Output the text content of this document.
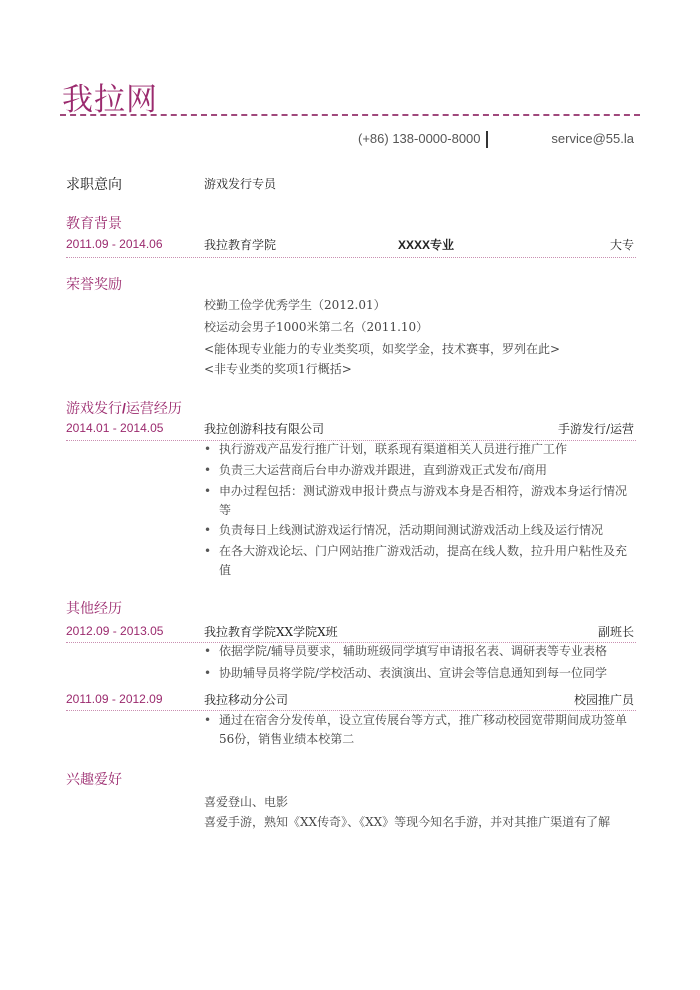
我拉网
(+86) 138-0000-8000	service@55.la
求职意向	游戏发行专员
教育背景
2011.09 - 2014.06	我拉教育学院	XXXX专业	大专
荣誉奖励
校勤工俭学优秀学生（2012.01）
校运动会男子1000米第二名（2011.10）
<能体现专业能力的专业类奖项，如奖学金，技术赛事，罗列在此>
<非专业类的奖项1行概括>
游戏发行/运营经历
2014.01 - 2014.05	我拉创游科技有限公司	手游发行/运营
• 执行游戏产品发行推广计划，联系现有渠道相关人员进行推广工作
• 负责三大运营商后台申办游戏并跟进，直到游戏正式发布/商用
• 申办过程包括：测试游戏申报计费点与游戏本身是否相符，游戏本身运行情况等
• 负责每日上线测试游戏运行情况，活动期间测试游戏活动上线及运行情况
• 在各大游戏论坛、门户网站推广游戏活动，提高在线人数，拉升用户粘性及充值
其他经历
2012.09 - 2013.05	我拉教育学院XX学院X班	副班长
• 依据学院/辅导员要求，辅助班级同学填写申请报名表、调研表等专业表格
• 协助辅导员将学院/学校活动、表演演出、宣讲会等信息通知到每一位同学
2011.09 - 2012.09	我拉移动分公司	校园推广员
• 通过在宿舍分发传单，设立宣传展台等方式，推广移动校园宽带期间成功签单56份，销售业绩本校第二
兴趣爱好
喜爱登山、电影
喜爱手游，熟知《XX传奇》、《XX》等现今知名手游，并对其推广渠道有了解
